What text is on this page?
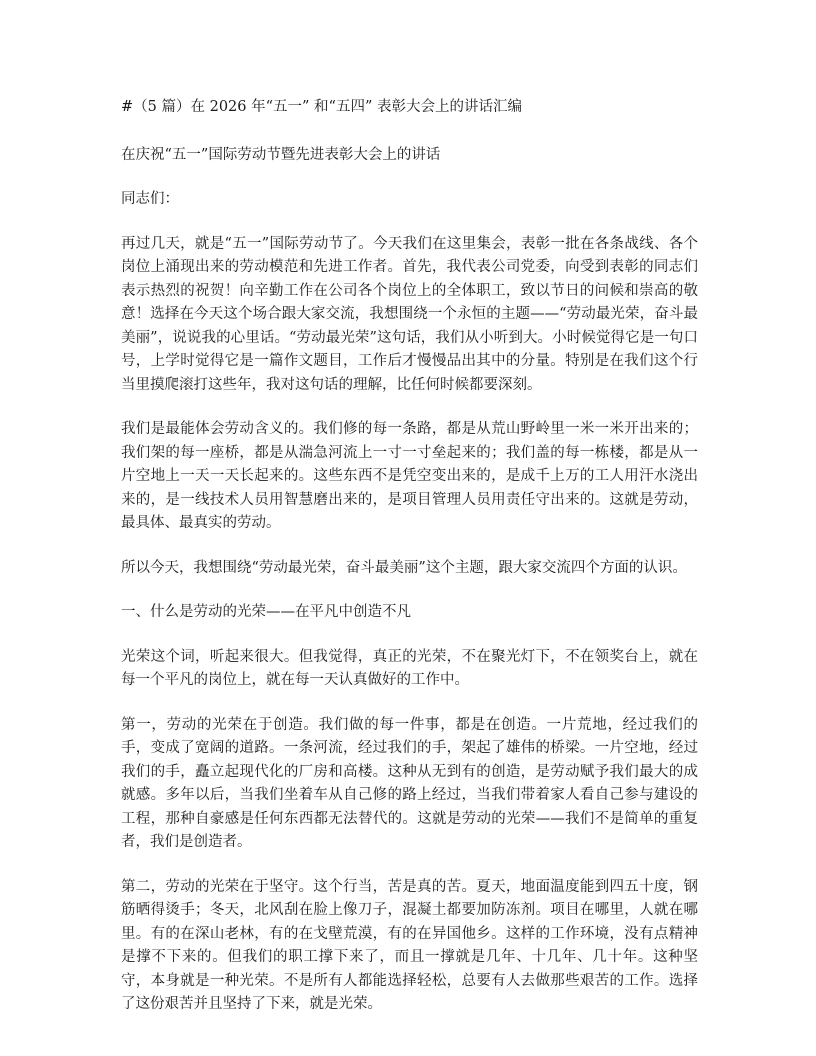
#（5 篇）在 2026 年“五一” 和“五四” 表彰大会上的讲话汇编

在庆祝“五一”国际劳动节暨先进表彰大会上的讲话

同志们：

再过几天，就是“五一”国际劳动节了。今天我们在这里集会，表彰一批在各条战线、各个岗位上涌现出来的劳动模范和先进工作者。首先，我代表公司党委，向受到表彰的同志们表示热烈的祝贺！向辛勤工作在公司各个岗位上的全体职工，致以节日的问候和崇高的敬意！选择在今天这个场合跟大家交流，我想围绕一个永恒的主题——“劳动最光荣，奋斗最美丽”，说说我的心里话。“劳动最光荣”这句话，我们从小听到大。小时候觉得它是一句口号，上学时觉得它是一篇作文题目，工作后才慢慢品出其中的分量。特别是在我们这个行当里摸爬滚打这些年，我对这句话的理解，比任何时候都要深刻。

我们是最能体会劳动含义的。我们修的每一条路，都是从荒山野岭里一米一米开出来的；我们架的每一座桥，都是从湍急河流上一寸一寸垒起来的；我们盖的每一栋楼，都是从一片空地上一天一天长起来的。这些东西不是凭空变出来的，是成千上万的工人用汗水浇出来的，是一线技术人员用智慧磨出来的，是项目管理人员用责任守出来的。这就是劳动，最具体、最真实的劳动。

所以今天，我想围绕“劳动最光荣，奋斗最美丽”这个主题，跟大家交流四个方面的认识。

一、什么是劳动的光荣——在平凡中创造不凡

光荣这个词，听起来很大。但我觉得，真正的光荣，不在聚光灯下，不在领奖台上，就在每一个平凡的岗位上，就在每一天认真做好的工作中。

第一，劳动的光荣在于创造。我们做的每一件事，都是在创造。一片荒地，经过我们的手，变成了宽阔的道路。一条河流，经过我们的手，架起了雄伟的桥梁。一片空地，经过我们的手，矗立起现代化的厂房和高楼。这种从无到有的创造，是劳动赋予我们最大的成就感。多年以后，当我们坐着车从自己修的路上经过，当我们带着家人看自己参与建设的工程，那种自豪感是任何东西都无法替代的。这就是劳动的光荣——我们不是简单的重复者，我们是创造者。

第二，劳动的光荣在于坚守。这个行当，苦是真的苦。夏天，地面温度能到四五十度，钢筋晒得烫手；冬天，北风刮在脸上像刀子，混凝土都要加防冻剂。项目在哪里，人就在哪里。有的在深山老林，有的在戈壁荒漠，有的在异国他乡。这样的工作环境，没有点精神是撑不下来的。但我们的职工撑下来了，而且一撑就是几年、十几年、几十年。这种坚守，本身就是一种光荣。不是所有人都能选择轻松，总要有人去做那些艰苦的工作。选择了这份艰苦并且坚持了下来，就是光荣。
